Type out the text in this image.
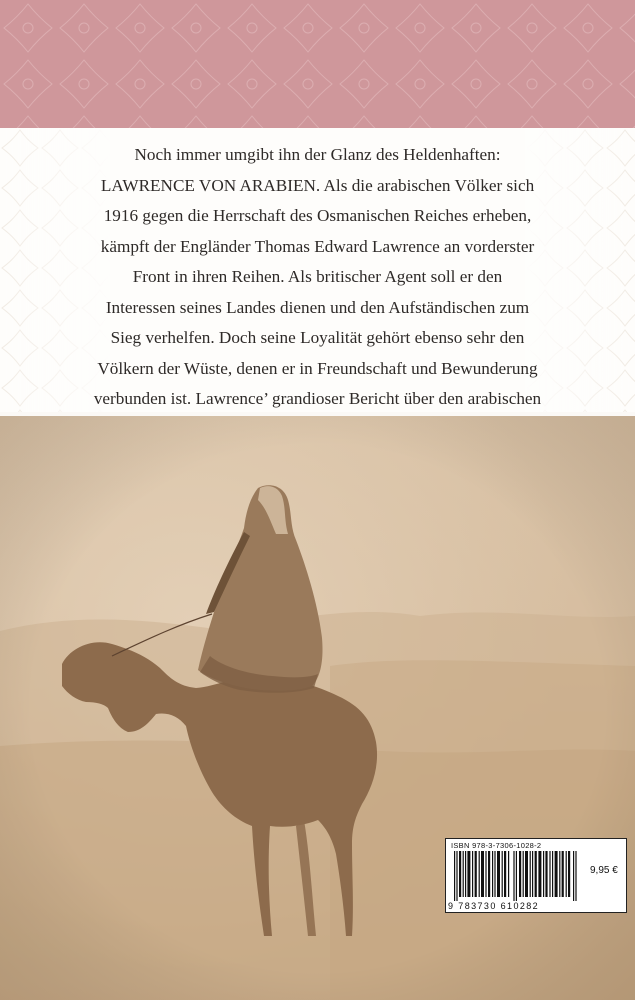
Noch immer umgibt ihn der Glanz des Heldenhaften:
LAWRENCE VON ARABIEN. Als die arabischen Völker sich
1916 gegen die Herrschaft des Osmanischen Reiches erheben,
kämpft der Engländer Thomas Edward Lawrence an vorderster
Front in ihren Reihen. Als britischer Agent soll er den
Interessen seines Landes dienen und den Aufständischen zum
Sieg verhelfen. Doch seine Loyalität gehört ebenso sehr den
Völkern der Wüste, denen er in Freundschaft und Bewunderung
verbunden ist. Lawrence’ grandioser Bericht über den arabischen

ISBN 978-3-7306-1028-2
9 783730 610282
9,95 €
